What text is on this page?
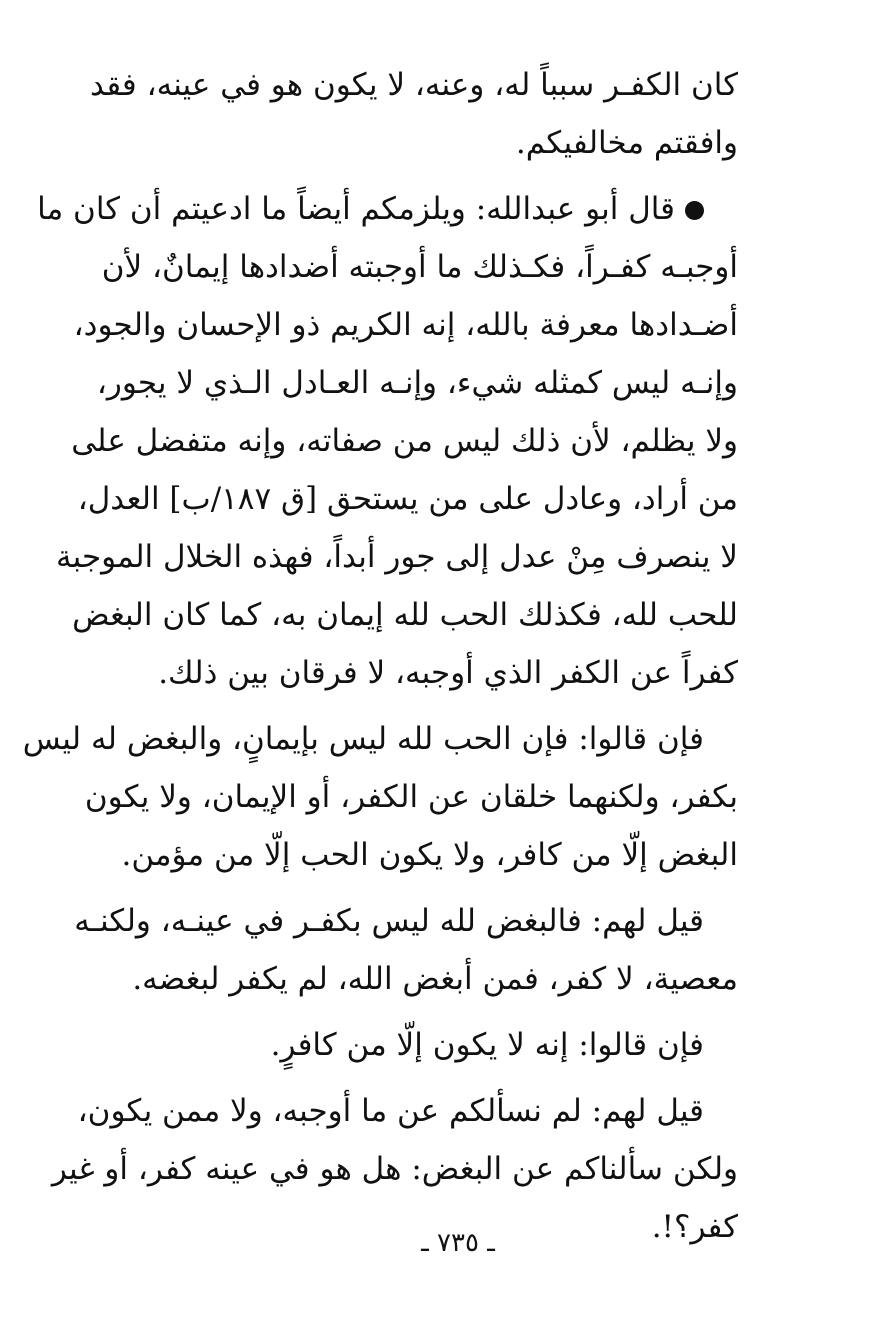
كان الكفـر سبباً له، وعنه، لا يكون هو في عينه، فقد
وافقتم مخالفيكم.
قال أبو عبدالله: ويلزمكم أيضاً ما ادعيتم أن كان ما
أوجبـه كفـراً، فكـذلك ما أوجبته أضدادها إيمانٌ، لأن
أضـدادها معرفة بالله، إنه الكريم ذو الإحسان والجود،
وإنـه ليس كمثله شيء، وإنـه العـادل الـذي لا يجور،
ولا يظلم، لأن ذلك ليس من صفاته، وإنه متفضل على
من أراد، وعادل على من يستحق [ق ١٨٧/ب] العدل،
لا ينصرف مِنْ عدل إلى جور أبداً، فهذه الخلال الموجبة
للحب لله، فكذلك الحب لله إيمان به، كما كان البغض
كفراً عن الكفر الذي أوجبه، لا فرقان بين ذلك.
فإن قالوا: فإن الحب لله ليس بإيمانٍ، والبغض له ليس
بكفر، ولكنهما خلقان عن الكفر، أو الإيمان، ولا يكون
البغض إلّا من كافر، ولا يكون الحب إلّا من مؤمن.
قيل لهم: فالبغض لله ليس بكفـر في عينـه، ولكنـه
معصية، لا كفر، فمن أبغض الله، لم يكفر لبغضه.
فإن قالوا: إنه لا يكون إلّا من كافرٍ.
قيل لهم: لم نسألكم عن ما أوجبه، ولا ممن يكون،
ولكن سألناكم عن البغض: هل هو في عينه كفر، أو غير
كفر؟!.
ـ ٧٣٥ ـ
